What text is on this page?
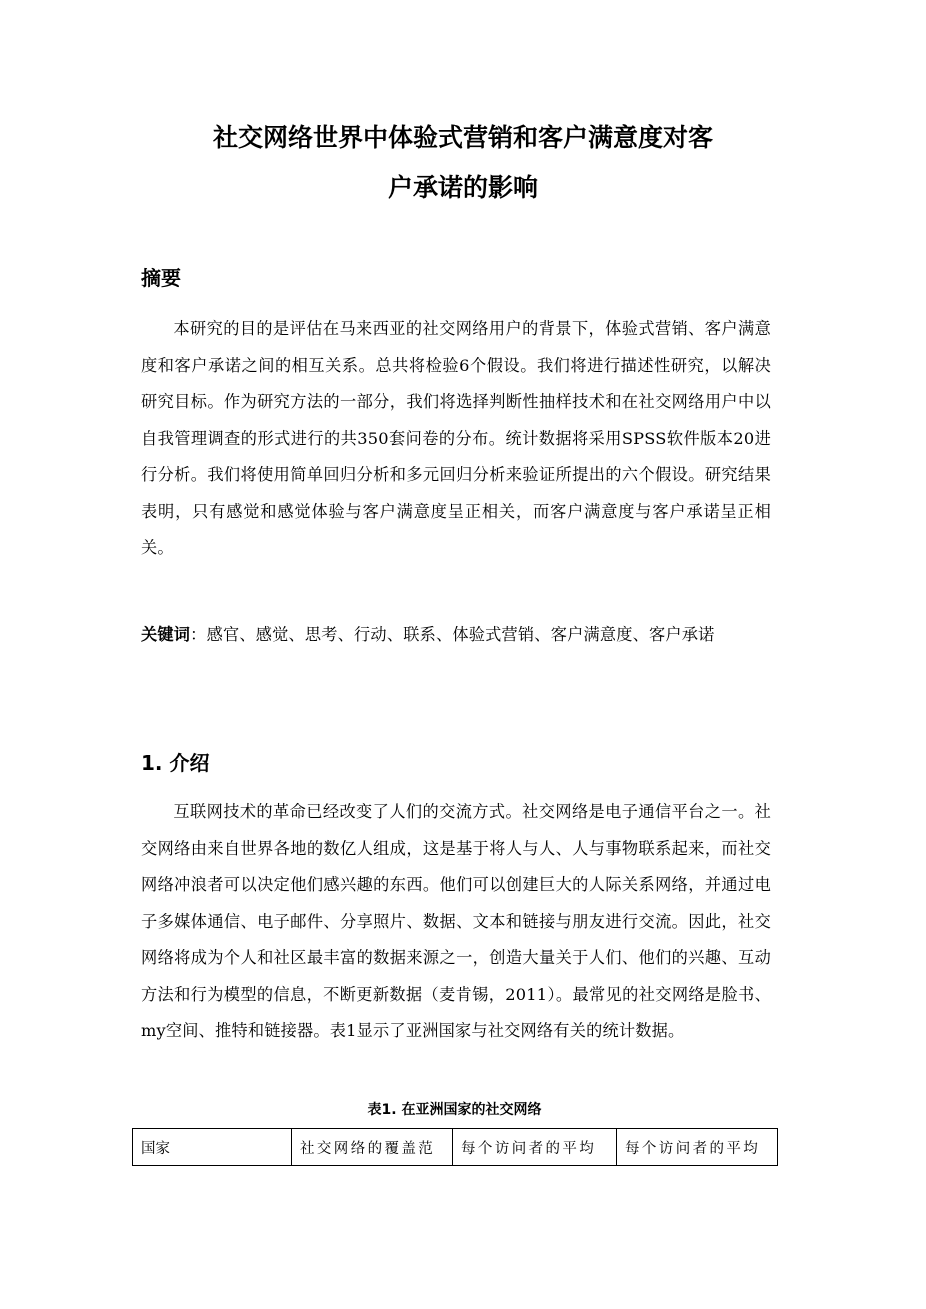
社交网络世界中体验式营销和客户满意度对客
户承诺的影响
摘要

本研究的目的是评估在马来西亚的社交网络用户的背景下，体验式营销、客户满意度和客户承诺之间的相互关系。总共将检验6个假设。我们将进行描述性研究，以解决研究目标。作为研究方法的一部分，我们将选择判断性抽样技术和在社交网络用户中以自我管理调查的形式进行的共350套问卷的分布。统计数据将采用SPSS软件版本20进行分析。我们将使用简单回归分析和多元回归分析来验证所提出的六个假设。研究结果表明，只有感觉和感觉体验与客户满意度呈正相关，而客户满意度与客户承诺呈正相关。

关键词：感官、感觉、思考、行动、联系、体验式营销、客户满意度、客户承诺

1. 介绍

互联网技术的革命已经改变了人们的交流方式。社交网络是电子通信平台之一。社交网络由来自世界各地的数亿人组成，这是基于将人与人、人与事物联系起来，而社交网络冲浪者可以决定他们感兴趣的东西。他们可以创建巨大的人际关系网络，并通过电子多媒体通信、电子邮件、分享照片、数据、文本和链接与朋友进行交流。因此，社交网络将成为个人和社区最丰富的数据来源之一，创造大量关于人们、他们的兴趣、互动方法和行为模型的信息，不断更新数据（麦肯锡，2011）。最常见的社交网络是脸书、my空间、推特和链接器。表1显示了亚洲国家与社交网络有关的统计数据。

表1. 在亚洲国家的社交网络

国家	社交网络的覆盖范	每个访问者的平均	每个访问者的平均
